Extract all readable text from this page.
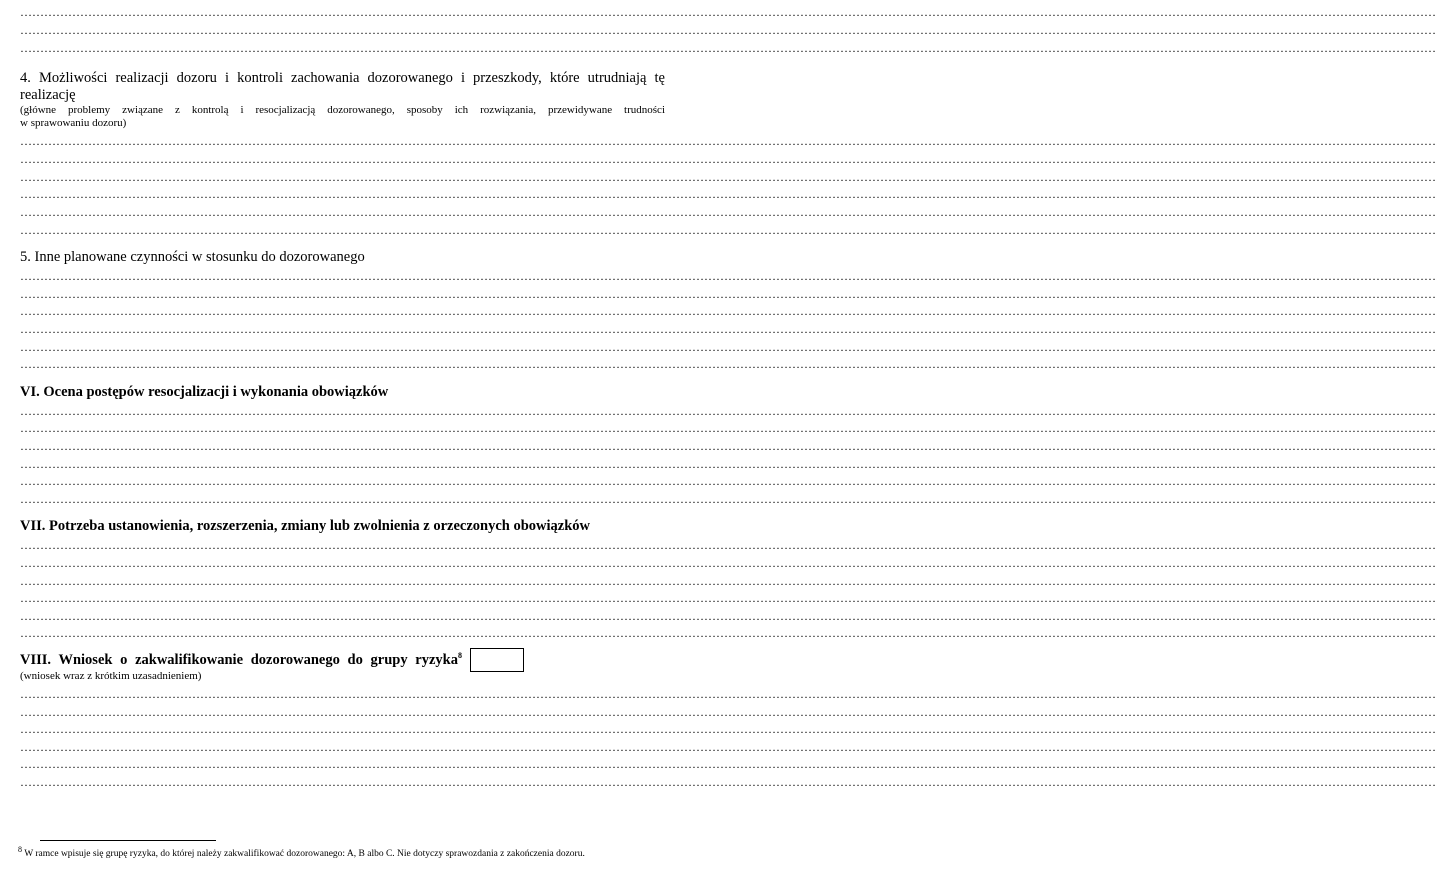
…………………………………………………………………………………………………………………………………………………………………………………………………………………………………………………………………………………………………………………………
…………………………………………………………………………………………………………………………………………………………………………………………………………………………………………………………………………………………………………………………
…………………………………………………………………………………………………………………………………………………………………………………………………………………………………………………………………………………………………………………………
4. Możliwości realizacji dozoru i kontroli zachowania dozorowanego i przeszkody, które utrudniają tę
realizację
(główne problemy związane z kontrolą i resocjalizacją dozorowanego, sposoby ich rozwiązania, przewidywane trudności
w sprawowaniu dozoru)
…………………………………………………………………………………………………………………………………………………………………………………………………………………………………………………………………………………………………………………………
…………………………………………………………………………………………………………………………………………………………………………………………………………………………………………………………………………………………………………………………
…………………………………………………………………………………………………………………………………………………………………………………………………………………………………………………………………………………………………………………………
…………………………………………………………………………………………………………………………………………………………………………………………………………………………………………………………………………………………………………………………
…………………………………………………………………………………………………………………………………………………………………………………………………………………………………………………………………………………………………………………………
…………………………………………………………………………………………………………………………………………………………………………………………………………………………………………………………………………………………………………………………
5. Inne planowane czynności w stosunku do dozorowanego
…………………………………………………………………………………………………………………………………………………………………………………………………………………………………………………………………………………………………………………………
…………………………………………………………………………………………………………………………………………………………………………………………………………………………………………………………………………………………………………………………
…………………………………………………………………………………………………………………………………………………………………………………………………………………………………………………………………………………………………………………………
…………………………………………………………………………………………………………………………………………………………………………………………………………………………………………………………………………………………………………………………
…………………………………………………………………………………………………………………………………………………………………………………………………………………………………………………………………………………………………………………………
…………………………………………………………………………………………………………………………………………………………………………………………………………………………………………………………………………………………………………………………
VI. Ocena postępów resocjalizacji i wykonania obowiązków
…………………………………………………………………………………………………………………………………………………………………………………………………………………………………………………………………………………………………………………………
…………………………………………………………………………………………………………………………………………………………………………………………………………………………………………………………………………………………………………………………
…………………………………………………………………………………………………………………………………………………………………………………………………………………………………………………………………………………………………………………………
…………………………………………………………………………………………………………………………………………………………………………………………………………………………………………………………………………………………………………………………
…………………………………………………………………………………………………………………………………………………………………………………………………………………………………………………………………………………………………………………………
…………………………………………………………………………………………………………………………………………………………………………………………………………………………………………………………………………………………………………………………
VII. Potrzeba ustanowienia, rozszerzenia, zmiany lub zwolnienia z orzeczonych obowiązków
…………………………………………………………………………………………………………………………………………………………………………………………………………………………………………………………………………………………………………………………
…………………………………………………………………………………………………………………………………………………………………………………………………………………………………………………………………………………………………………………………
…………………………………………………………………………………………………………………………………………………………………………………………………………………………………………………………………………………………………………………………
…………………………………………………………………………………………………………………………………………………………………………………………………………………………………………………………………………………………………………………………
…………………………………………………………………………………………………………………………………………………………………………………………………………………………………………………………………………………………………………………………
…………………………………………………………………………………………………………………………………………………………………………………………………………………………………………………………………………………………………………………………
VIII. Wniosek o zakwalifikowanie dozorowanego do grupy ryzyka$^8$
(wniosek wraz z krótkim uzasadnieniem)
…………………………………………………………………………………………………………………………………………………………………………………………………………………………………………………………………………………………………………………………
…………………………………………………………………………………………………………………………………………………………………………………………………………………………………………………………………………………………………………………………
…………………………………………………………………………………………………………………………………………………………………………………………………………………………………………………………………………………………………………………………
…………………………………………………………………………………………………………………………………………………………………………………………………………………………………………………………………………………………………………………………
…………………………………………………………………………………………………………………………………………………………………………………………………………………………………………………………………………………………………………………………
…………………………………………………………………………………………………………………………………………………………………………………………………………………………………………………………………………………………………………………………
$^8$ W ramce wpisuje się grupę ryzyka, do której należy zakwalifikować dozorowanego: A, B albo C. Nie dotyczy sprawozdania z zakończenia dozoru.
